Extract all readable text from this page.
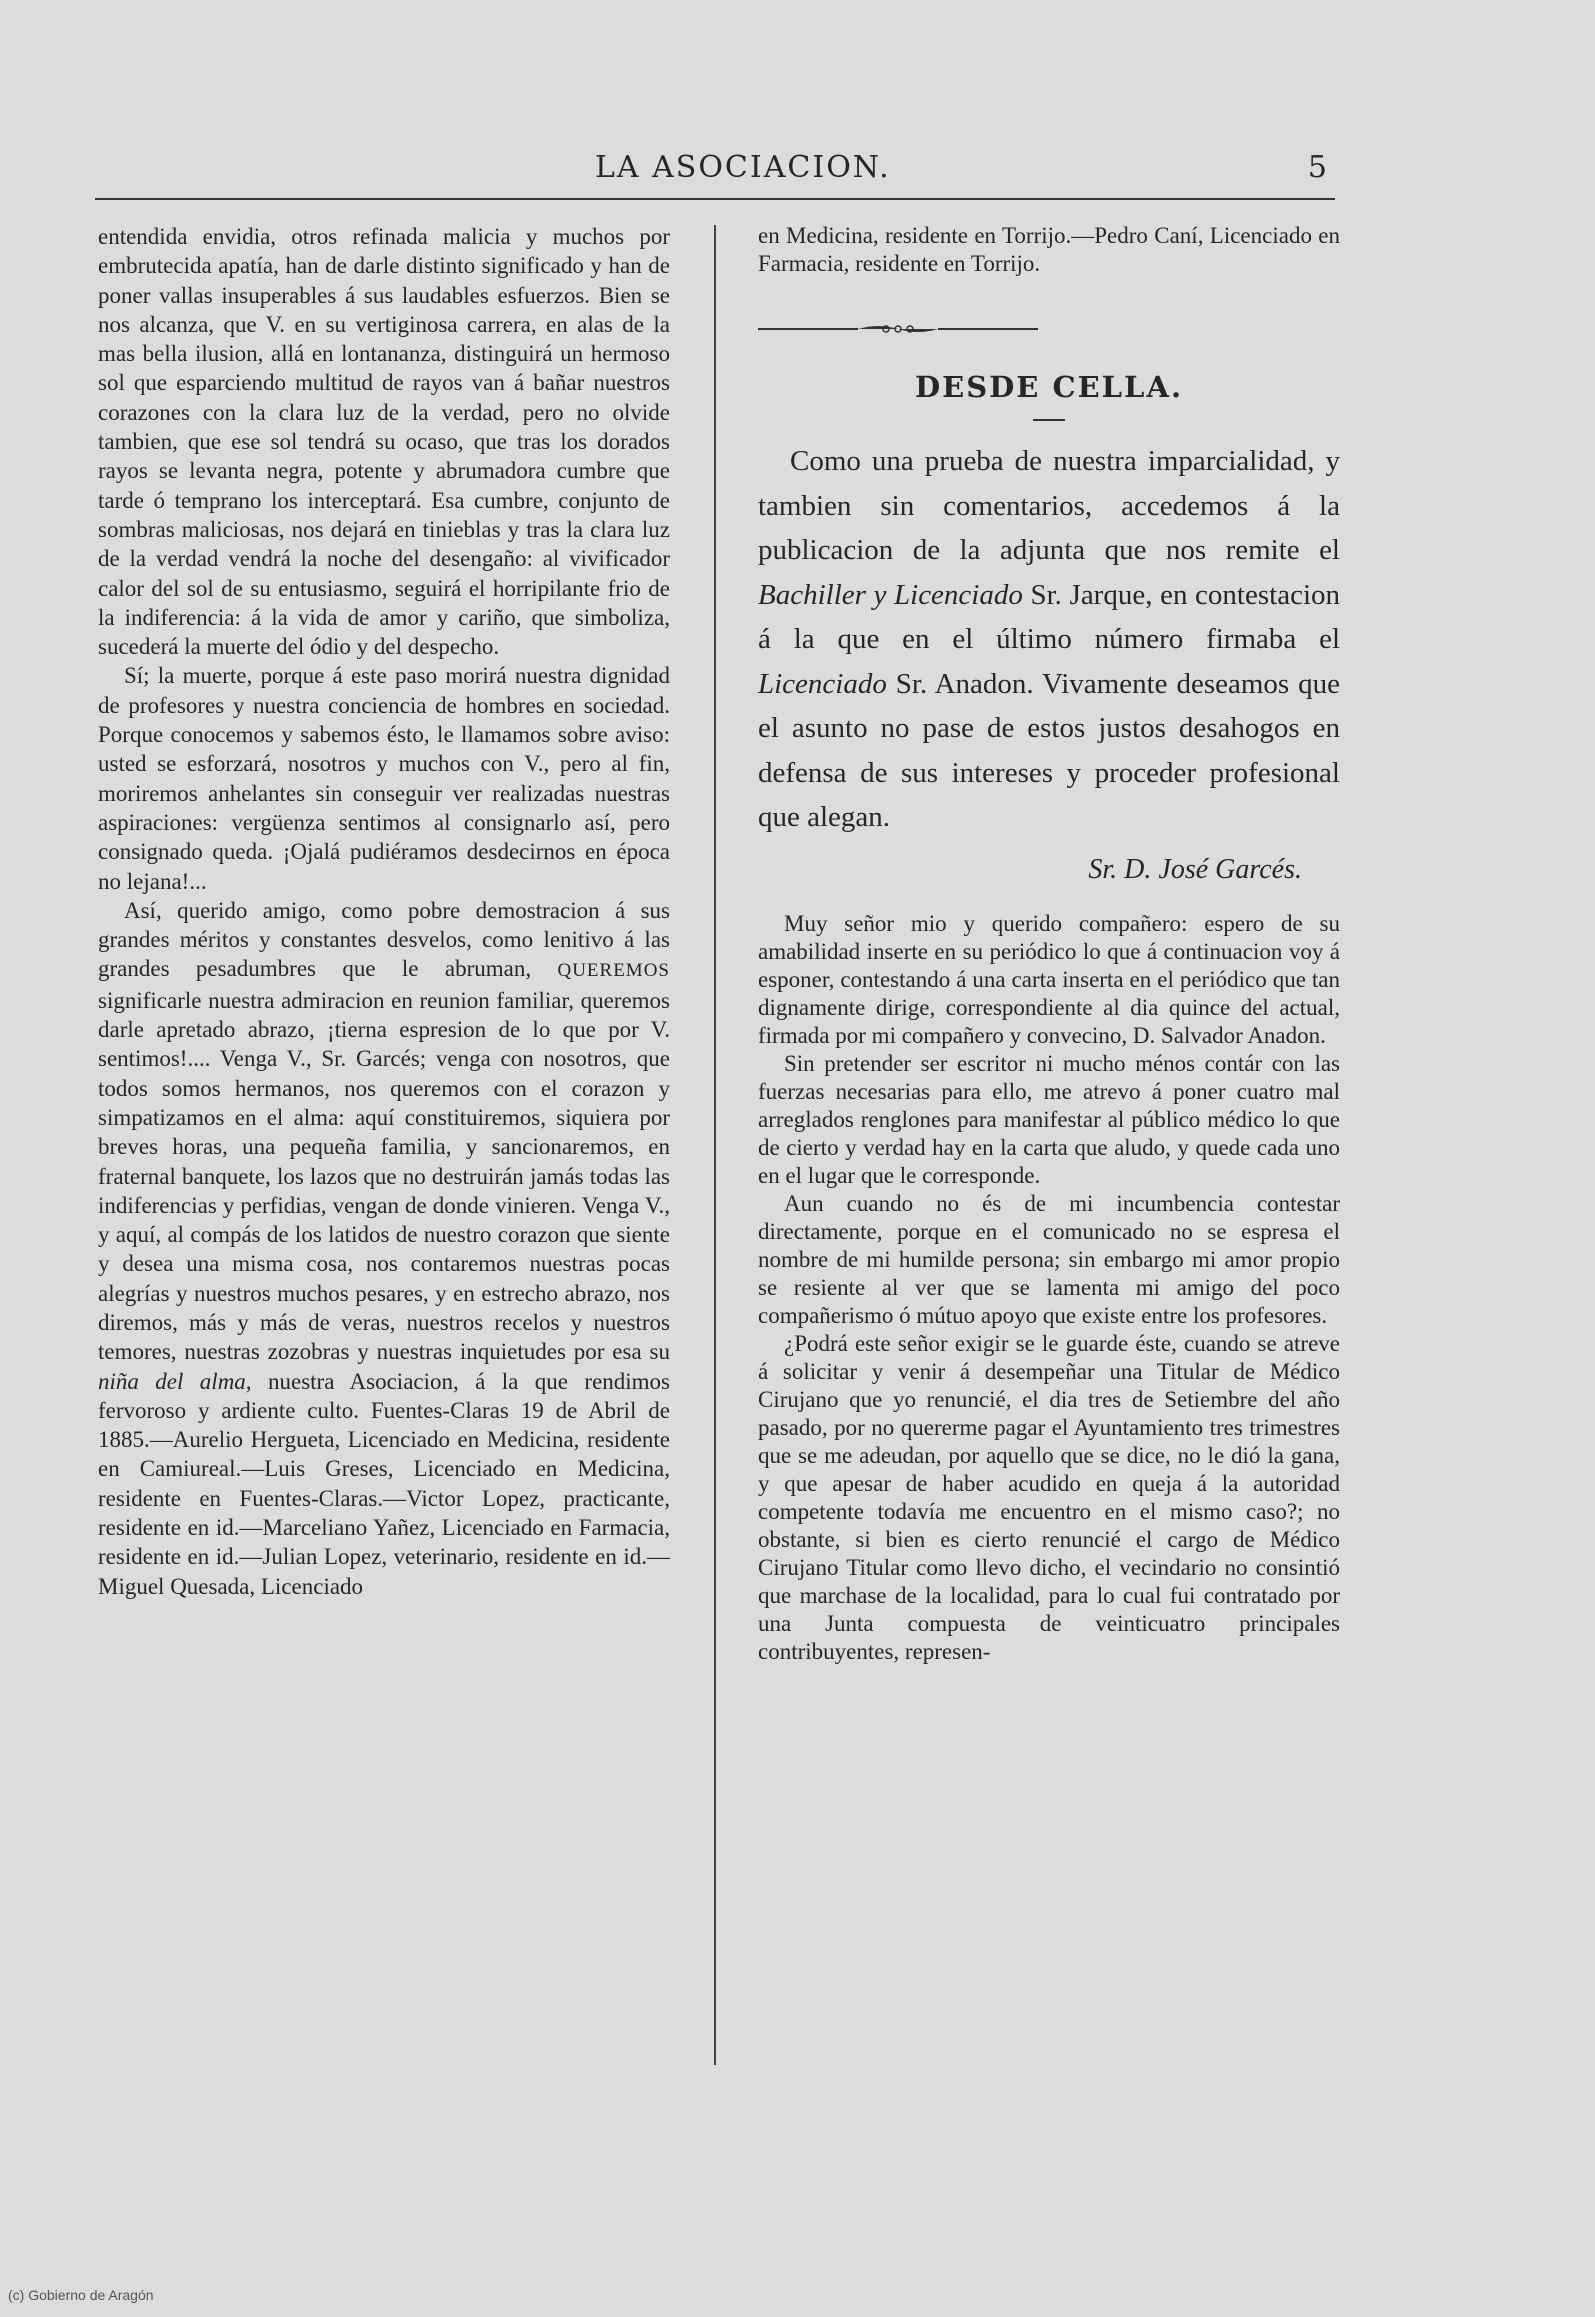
LA ASOCIACION.	5

entendida envidia, otros refinada malicia y muchos por embrutecida apatía, han de darle distinto significado y han de poner vallas insuperables á sus laudables esfuerzos. Bien se nos alcanza, que V. en su vertiginosa carrera, en alas de la mas bella ilusion, allá en lontananza, distinguirá un hermoso sol que esparciendo multitud de rayos van á bañar nuestros corazones con la clara luz de la verdad, pero no olvide tambien, que ese sol tendrá su ocaso, que tras los dorados rayos se levanta negra, potente y abrumadora cumbre que tarde ó temprano los interceptará. Esa cumbre, conjunto de sombras maliciosas, nos dejará en tinieblas y tras la clara luz de la verdad vendrá la noche del desengaño: al vivificador calor del sol de su entusiasmo, seguirá el horripilante frio de la indiferencia: á la vida de amor y cariño, que simboliza, sucederá la muerte del ódio y del despecho.

Sí; la muerte, porque á este paso morirá nuestra dignidad de profesores y nuestra conciencia de hombres en sociedad. Porque conocemos y sabemos ésto, le llamamos sobre aviso: usted se esforzará, nosotros y muchos con V., pero al fin, moriremos anhelantes sin conseguir ver realizadas nuestras aspiraciones: vergüenza sentimos al consignarlo así, pero consignado queda. ¡Ojalá pudiéramos desdecirnos en época no lejana!...

Así, querido amigo, como pobre demostracion á sus grandes méritos y constantes desvelos, como lenitivo á las grandes pesadumbres que le abruman, QUEREMOS significarle nuestra admiracion en reunion familiar, queremos darle apretado abrazo, ¡tierna espresion de lo que por V. sentimos!.... Venga V., Sr. Garcés; venga con nosotros, que todos somos hermanos, nos queremos con el corazon y simpatizamos en el alma: aquí constituiremos, siquiera por breves horas, una pequeña familia, y sancionaremos, en fraternal banquete, los lazos que no destruirán jamás todas las indiferencias y perfidias, vengan de donde vinieren. Venga V., y aquí, al compás de los latidos de nuestro corazon que siente y desea una misma cosa, nos contaremos nuestras pocas alegrías y nuestros muchos pesares, y en estrecho abrazo, nos diremos, más y más de veras, nuestros recelos y nuestros temores, nuestras zozobras y nuestras inquietudes por esa su niña del alma, nuestra Asociacion, á la que rendimos fervoroso y ardiente culto. Fuentes-Claras 19 de Abril de 1885.—Aurelio Hergueta, Licenciado en Medicina, residente en Camiureal.—Luis Greses, Licenciado en Medicina, residente en Fuentes-Claras.—Victor Lopez, practicante, residente en id.—Marceliano Yañez, Licenciado en Farmacia, residente en id.—Julian Lopez, veterinario, residente en id.—Miguel Quesada, Licenciado

en Medicina, residente en Torrijo.—Pedro Caní, Licenciado en Farmacia, residente en Torrijo.

DESDE CELLA.

Como una prueba de nuestra imparcialidad, y tambien sin comentarios, accedemos á la publicacion de la adjunta que nos remite el Bachiller y Licenciado Sr. Jarque, en contestacion á la que en el último número firmaba el Licenciado Sr. Anadon. Vivamente deseamos que el asunto no pase de estos justos desahogos en defensa de sus intereses y proceder profesional que alegan.

Sr. D. José Garcés.

Muy señor mio y querido compañero: espero de su amabilidad inserte en su periódico lo que á continuacion voy á esponer, contestando á una carta inserta en el periódico que tan dignamente dirige, correspondiente al dia quince del actual, firmada por mi compañero y convecino, D. Salvador Anadon.

Sin pretender ser escritor ni mucho ménos contár con las fuerzas necesarias para ello, me atrevo á poner cuatro mal arreglados renglones para manifestar al público médico lo que de cierto y verdad hay en la carta que aludo, y quede cada uno en el lugar que le corresponde.

Aun cuando no és de mi incumbencia contestar directamente, porque en el comunicado no se espresa el nombre de mi humilde persona; sin embargo mi amor propio se resiente al ver que se lamenta mi amigo del poco compañerismo ó mútuo apoyo que existe entre los profesores.

¿Podrá este señor exigir se le guarde éste, cuando se atreve á solicitar y venir á desempeñar una Titular de Médico Cirujano que yo renuncié, el dia tres de Setiembre del año pasado, por no quererme pagar el Ayuntamiento tres trimestres que se me adeudan, por aquello que se dice, no le dió la gana, y que apesar de haber acudido en queja á la autoridad competente todavía me encuentro en el mismo caso?; no obstante, si bien es cierto renuncié el cargo de Médico Cirujano Titular como llevo dicho, el vecindario no consintió que marchase de la localidad, para lo cual fui contratado por una Junta compuesta de veinticuatro principales contribuyentes, represen-

(c) Gobierno de Aragón
